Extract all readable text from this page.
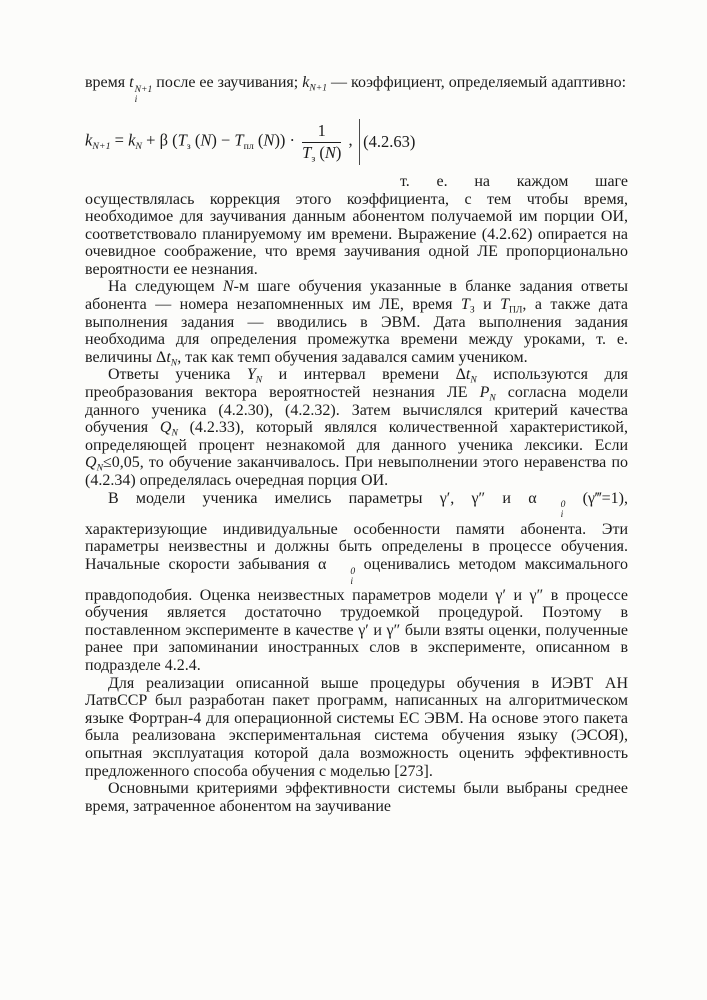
время t N+1
i
после ее заучивания; $k_{N+1}$ — коэффициент, определяемый адаптивно:

$k_{N+1} = k_N + \beta$ ($T_з$ $(N) - T_{пл}$ $(N)) \cdot \frac{1}{T_з (N)}$ , (4.2.63)

т. е. на каждом шаге

осуществлялась коррекция этого коэффициента, с тем чтобы время, необходимое для заучивания данным абонентом получаемой им порции ОИ, соответствовало планируемому им времени. Выражение (4.2.62) опирается на очевидное соображение, что время заучивания одной ЛЕ пропорционально вероятности ее незнания.

На следующем N-м шаге обучения указанные в бланке задания ответы абонента — номера незапомненных им ЛЕ, время $T_З$ и $T_{ПЛ}$, а также дата выполнения задания — вводились в ЭВМ. Дата выполнения задания необходима для определения промежутка времени между уроками, т. е. величины $\Delta t_N$, так как темп обучения задавался самим учеником.

Ответы ученика $Y_N$ и интервал времени $\Delta t_N$ используются для преобразования вектора вероятностей незнания ЛЕ $P_N$ согласна модели данного ученика (4.2.30), (4.2.32). Затем вычислялся критерий качества обучения $Q_N$ (4.2.33), который являлся количественной характеристикой, определяющей процент незнакомой для данного ученика лексики. Если $Q_N\le 0,05$, то обучение заканчивалось. При невыполнении этого неравенства по (4.2.34) определялась очередная порция ОИ.

В модели ученика имелись параметры γ′, γ″ и α	0
i
(γ‴=1), характеризующие индивидуальные особенности памяти абонента. Эти параметры неизвестны и должны быть определены в процессе обучения. Начальные скорости забывания α	0
i
оценивались методом максимального правдоподобия. Оценка неизвестных параметров модели γ′ и γ″ в процессе обучения является достаточно трудоемкой процедурой. Поэтому в поставленном эксперименте в качестве γ′ и γ″ были взяты оценки, полученные ранее при запоминании иностранных слов в эксперименте, описанном в подразделе 4.2.4.

Для реализации описанной выше процедуры обучения в ИЭВТ АН ЛатвССР был разработан пакет программ, написанных на алгоритмическом языке Фортран-4 для операционной системы ЕС ЭВМ. На основе этого пакета была реализована экспериментальная система обучения языку (ЭСОЯ), опытная эксплуатация которой дала возможность оценить эффективность предложенного способа обучения с моделью [273].

Основными критериями эффективности системы были выбраны среднее время, затраченное абонентом на заучивание
